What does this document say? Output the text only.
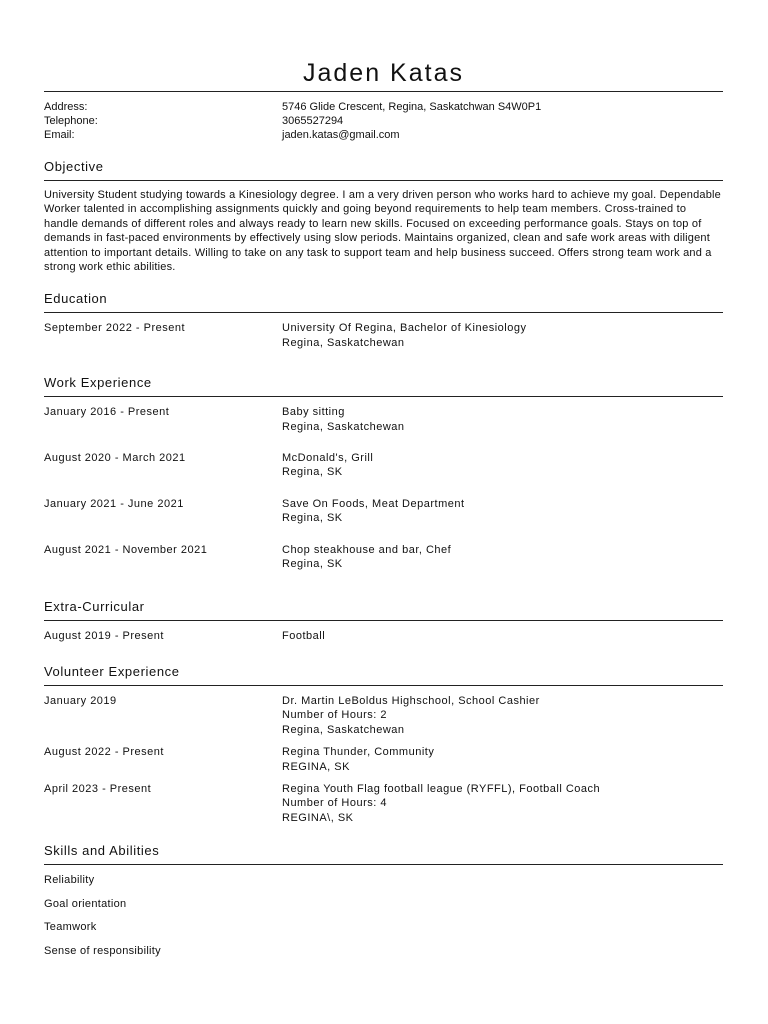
Jaden Katas
Address:	5746 Glide Crescent, Regina, Saskatchwan S4W0P1
Telephone:	3065527294
Email:	jaden.katas@gmail.com
Objective
University Student studying towards a Kinesiology degree. I am a very driven person who works hard to achieve my goal. Dependable Worker talented in accomplishing assignments quickly and going beyond requirements to help team members. Cross-trained to handle demands of different roles and always ready to learn new skills. Focused on exceeding performance goals. Stays on top of demands in fast-paced environments by effectively using slow periods. Maintains organized, clean and safe work areas with diligent attention to important details. Willing to take on any task to support team and help business succeed. Offers strong team work and a strong work ethic abilities.
Education
September 2022 - Present	University Of Regina, Bachelor of Kinesiology
Regina, Saskatchewan
Work Experience
January 2016 - Present	Baby sitting
Regina, Saskatchewan
August 2020 - March 2021	McDonald's, Grill
Regina, SK
January 2021 - June 2021	Save On Foods, Meat Department
Regina, SK
August 2021 - November 2021	Chop steakhouse and bar, Chef
Regina, SK
Extra-Curricular
August 2019 - Present	Football
Volunteer Experience
January 2019	Dr. Martin LeBoldus Highschool, School Cashier
Number of Hours: 2
Regina, Saskatchewan
August 2022 - Present	Regina Thunder, Community
REGINA, SK
April 2023 - Present	Regina Youth Flag football league (RYFFL), Football Coach
Number of Hours: 4
REGINA\, SK
Skills and Abilities
Reliability
Goal orientation
Teamwork
Sense of responsibility
